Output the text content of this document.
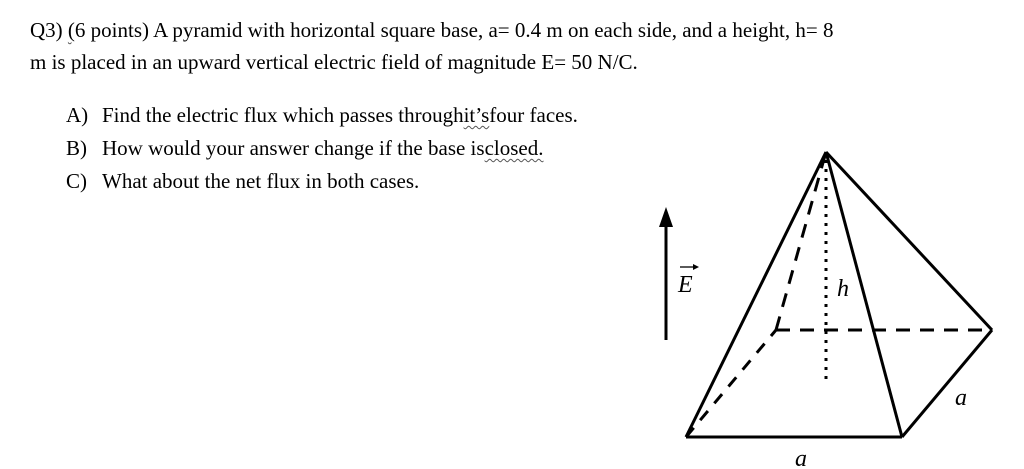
Q3) (6 points) A pyramid with horizontal square base, a= 0.4 m on each side, and a height, h= 8
m is placed in an upward vertical electric field of magnitude E= 50 N/C.
A) Find the electric flux which passes through it’s four faces.
B) How would your answer change if the base is closed.
C) What about the net flux in both cases.
E	h
a
a
